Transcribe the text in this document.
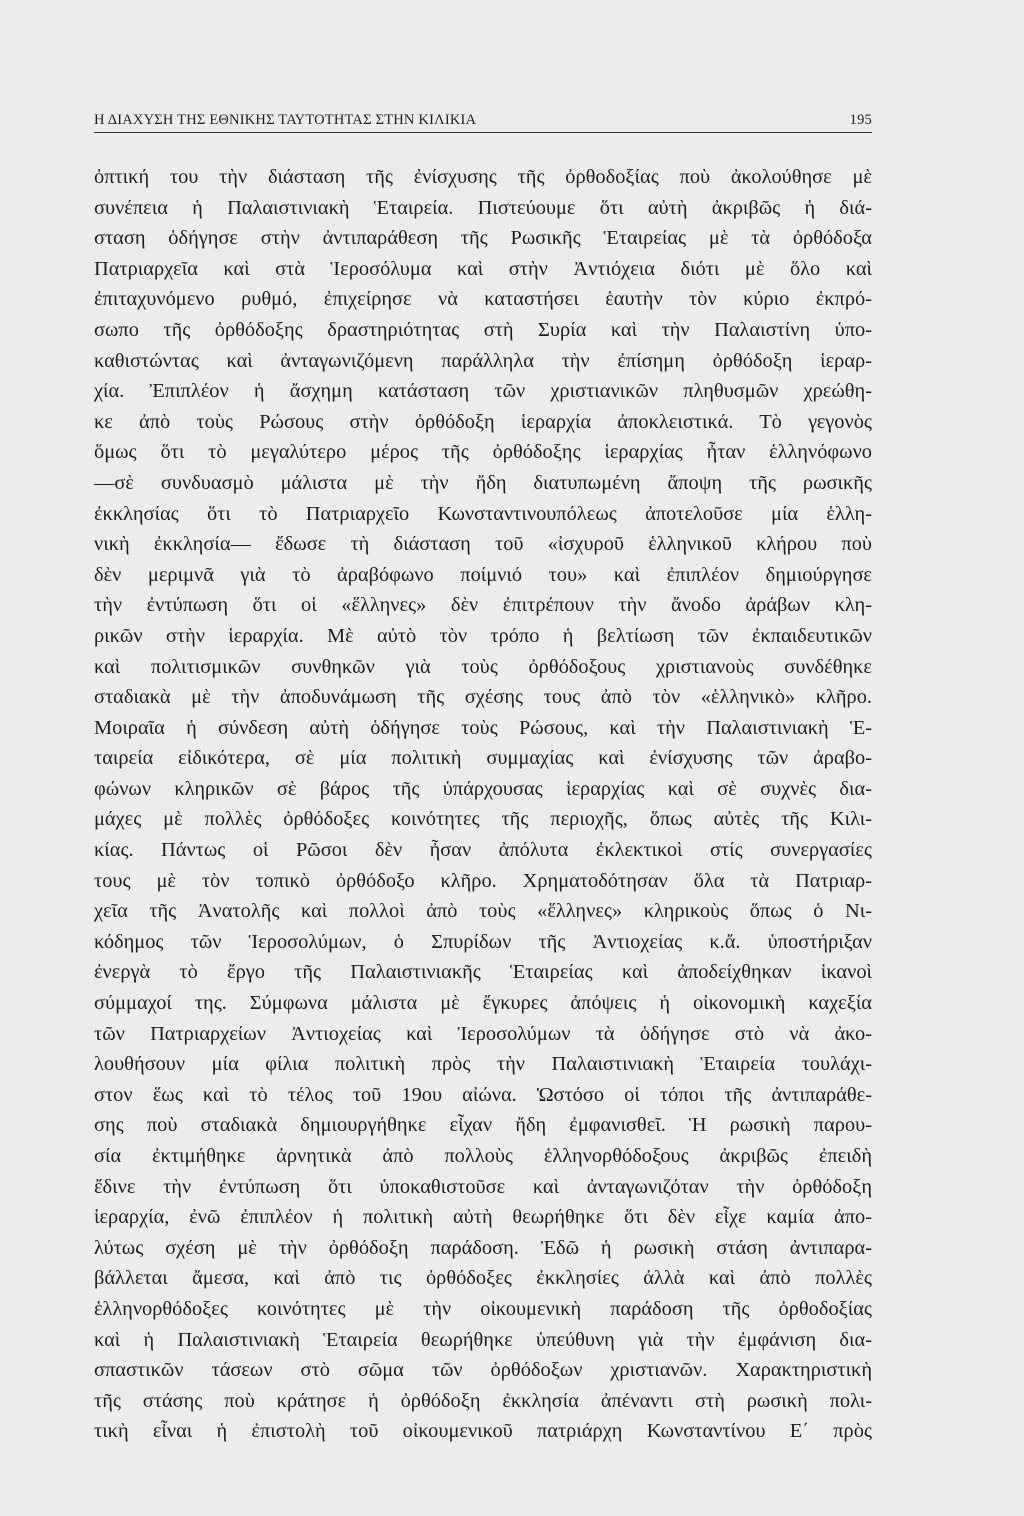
Η ΔΙΑΧΥΣΗ ΤΗΣ ΕΘΝΙΚΗΣ ΤΑΥΤΟΤΗΤΑΣ ΣΤΗΝ ΚΙΛΙΚΙΑ	195
ὀπτική του τὴν διάσταση τῆς ἐνίσχυσης τῆς ὀρθοδοξίας ποὺ ἀκολούθησε μὲ
συνέπεια ἡ Παλαιστινιακὴ Ἑταιρεία. Πιστεύουμε ὅτι αὐτὴ ἀκριβῶς ἡ διά-
σταση ὁδήγησε στὴν ἀντιπαράθεση τῆς Ρωσικῆς Ἑταιρείας μὲ τὰ ὀρθόδοξα
Πατριαρχεῖα καὶ στὰ Ἱεροσόλυμα καὶ στὴν Ἀντιόχεια διότι μὲ ὅλο καὶ
ἐπιταχυνόμενο ρυθμό, ἐπιχείρησε νὰ καταστήσει ἑαυτὴν τὸν κύριο ἐκπρό-
σωπο τῆς ὀρθόδοξης δραστηριότητας στὴ Συρία καὶ τὴν Παλαιστίνη ὑπο-
καθιστώντας καὶ ἀνταγωνιζόμενη παράλληλα τὴν ἐπίσημη ὀρθόδοξη ἱεραρ-
χία. Ἐπιπλέον ἡ ἄσχημη κατάσταση τῶν χριστιανικῶν πληθυσμῶν χρεώθη-
κε ἀπὸ τοὺς Ρώσους στὴν ὀρθόδοξη ἱεραρχία ἀποκλειστικά. Τὸ γεγονὸς
ὅμως ὅτι τὸ μεγαλύτερο μέρος τῆς ὀρθόδοξης ἱεραρχίας ἦταν ἑλληνόφωνο
—σὲ συνδυασμὸ μάλιστα μὲ τὴν ἤδη διατυπωμένη ἄποψη τῆς ρωσικῆς
ἐκκλησίας ὅτι τὸ Πατριαρχεῖο Κωνσταντινουπόλεως ἀποτελοῦσε μία ἑλλη-
νικὴ ἐκκλησία— ἔδωσε τὴ διάσταση τοῦ «ἰσχυροῦ ἑλληνικοῦ κλήρου ποὺ
δὲν μεριμνᾶ γιὰ τὸ ἀραβόφωνο ποίμνιό του» καὶ ἐπιπλέον δημιούργησε
τὴν ἐντύπωση ὅτι οἱ «ἕλληνες» δὲν ἐπιτρέπουν τὴν ἄνοδο ἀράβων κλη-
ρικῶν στὴν ἱεραρχία. Μὲ αὐτὸ τὸν τρόπο ἡ βελτίωση τῶν ἐκπαιδευτικῶν
καὶ πολιτισμικῶν συνθηκῶν γιὰ τοὺς ὀρθόδοξους χριστιανοὺς συνδέθηκε
σταδιακὰ μὲ τὴν ἀποδυνάμωση τῆς σχέσης τους ἀπὸ τὸν «ἑλληνικὸ» κλῆρο.
Μοιραῖα ἡ σύνδεση αὐτὴ ὁδήγησε τοὺς Ρώσους, καὶ τὴν Παλαιστινιακὴ Ἑ-
ταιρεία εἰδικότερα, σὲ μία πολιτικὴ συμμαχίας καὶ ἐνίσχυσης τῶν ἀραβο-
φώνων κληρικῶν σὲ βάρος τῆς ὑπάρχουσας ἱεραρχίας καὶ σὲ συχνὲς δια-
μάχες μὲ πολλὲς ὀρθόδοξες κοινότητες τῆς περιοχῆς, ὅπως αὐτὲς τῆς Κιλι-
κίας. Πάντως οἱ Ρῶσοι δὲν ἦσαν ἀπόλυτα ἐκλεκτικοὶ στίς συνεργασίες
τους μὲ τὸν τοπικὸ ὀρθόδοξο κλῆρο. Χρηματοδότησαν ὅλα τὰ Πατριαρ-
χεῖα τῆς Ἀνατολῆς καὶ πολλοὶ ἀπὸ τοὺς «ἕλληνες» κληρικοὺς ὅπως ὁ Νι-
κόδημος τῶν Ἱεροσολύμων, ὁ Σπυρίδων τῆς Ἀντιοχείας κ.ἄ. ὑποστήριξαν
ἐνεργὰ τὸ ἔργο τῆς Παλαιστινιακῆς Ἑταιρείας καὶ ἀποδείχθηκαν ἱκανοὶ
σύμμαχοί της. Σύμφωνα μάλιστα μὲ ἔγκυρες ἀπόψεις ἡ οἰκονομικὴ καχεξία
τῶν Πατριαρχείων Ἀντιοχείας καὶ Ἱεροσολύμων τὰ ὁδήγησε στὸ νὰ ἀκο-
λουθήσουν μία φίλια πολιτικὴ πρὸς τὴν Παλαιστινιακὴ Ἑταιρεία τουλάχι-
στον ἕως καὶ τὸ τέλος τοῦ 19ου αἰώνα. Ὡστόσο οἱ τόποι τῆς ἀντιπαράθε-
σης ποὺ σταδιακὰ δημιουργήθηκε εἶχαν ἤδη ἐμφανισθεῖ. Ἡ ρωσικὴ παρου-
σία ἐκτιμήθηκε ἀρνητικὰ ἀπὸ πολλοὺς ἑλληνορθόδοξους ἀκριβῶς ἐπειδὴ
ἔδινε τὴν ἐντύπωση ὅτι ὑποκαθιστοῦσε καὶ ἀνταγωνιζόταν τὴν ὀρθόδοξη
ἱεραρχία, ἐνῶ ἐπιπλέον ἡ πολιτικὴ αὐτὴ θεωρήθηκε ὅτι δὲν εἶχε καμία ἀπο-
λύτως σχέση μὲ τὴν ὀρθόδοξη παράδοση. Ἐδῶ ἡ ρωσικὴ στάση ἀντιπαρα-
βάλλεται ἄμεσα, καὶ ἀπὸ τις ὀρθόδοξες ἐκκλησίες ἀλλὰ καὶ ἀπὸ πολλὲς
ἑλληνορθόδοξες κοινότητες μὲ τὴν οἰκουμενικὴ παράδοση τῆς ὀρθοδοξίας
καὶ ἡ Παλαιστινιακὴ Ἑταιρεία θεωρήθηκε ὑπεύθυνη γιὰ τὴν ἐμφάνιση δια-
σπαστικῶν τάσεων στὸ σῶμα τῶν ὀρθόδοξων χριστιανῶν. Χαρακτηριστικὴ
τῆς στάσης ποὺ κράτησε ἡ ὀρθόδοξη ἐκκλησία ἀπέναντι στὴ ρωσικὴ πολι-
τικὴ εἶναι ἡ ἐπιστολὴ τοῦ οἰκουμενικοῦ πατριάρχη Κωνσταντίνου Ε΄ πρὸς
